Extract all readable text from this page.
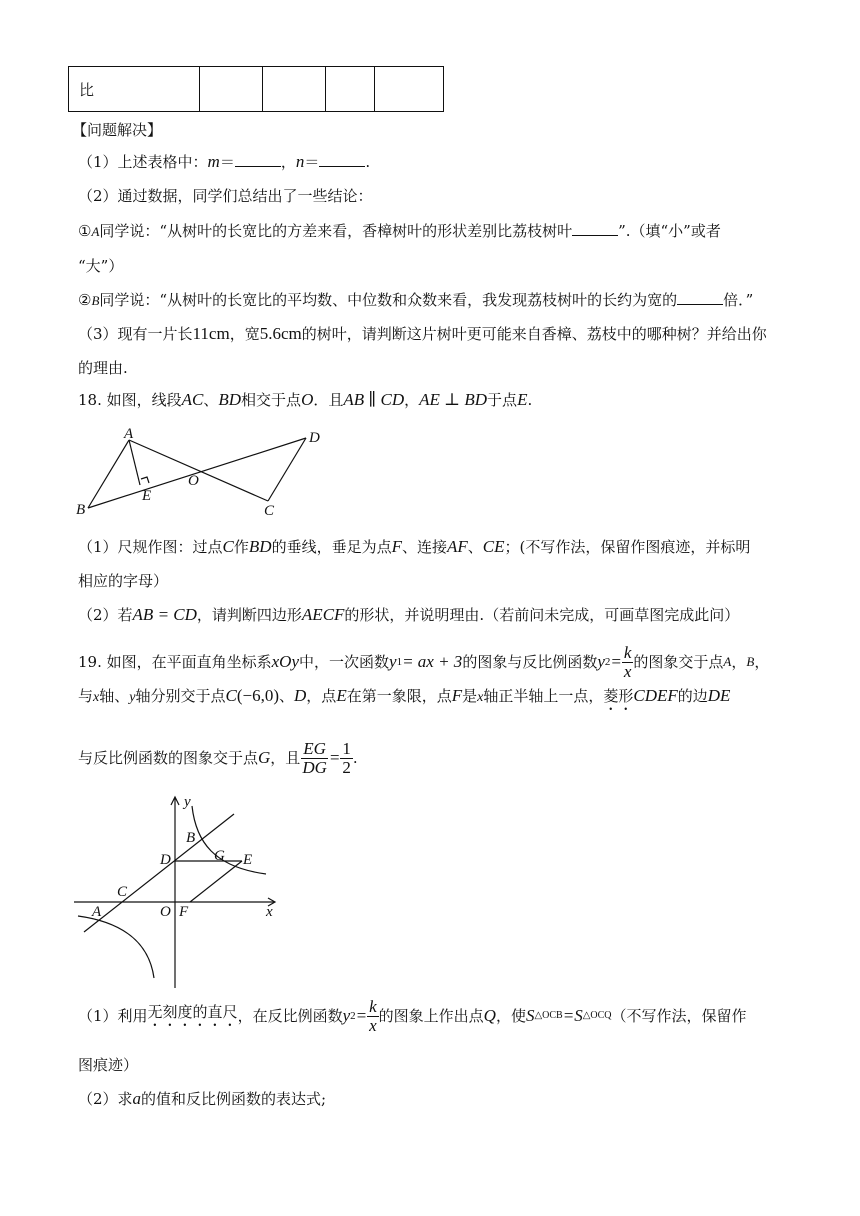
比				
【问题解决】
（1）上述表格中：m＝	，n＝	.
（2）通过数据，同学们总结出了一些结论：
①A同学说：“从树叶的长宽比的方差来看，香樟树叶的形状差别比荔枝树叶	”.（填“小”或者
“大”）
②B同学说：“从树叶的长宽比的平均数、中位数和众数来看，我发现荔枝树叶的长约为宽的	倍．”
（3）现有一片长11cm，宽5.6cm的树叶，请判断这片树叶更可能来自香樟、荔枝中的哪种树？并给出你
的理由.
18. 如图，线段AC、BD相交于点O．且AB ∥ CD，AE ⊥ BD于点E.
A
B
E
O
D
C
（1）尺规作图：过点C作BD的垂线，垂足为点F、连接AF、CE；(不写作法，保留作图痕迹，并标明
相应的字母）
（2）若AB = CD，请判断四边形AECF的形状，并说明理由.（若前问未完成，可画草图完成此问）
19. 如图，在平面直角坐标系 xOy 中，一次函数 y 1 = ax + 3 的图象与反比例函数 y $2 = \frac{k}{x}$ 的图象交于点 A ， B ，
与x轴、y轴分别交于点C(−6,0)、D，点E在第一象限，点F是x轴正半轴上一点，菱形CDEF的边DE
与反比例函数的图象交于点 G ，且 $\frac{EG}{DG} = \frac{1}{2}$ .
y
x
B
D	G E
C
A	O F
（1）利用 无刻度的直尺 ，在反比例函数 y $2 = \frac{k}{x}$ 的图象上作出点 Q ，使 S △OCB = S △OCQ （不写作法，保留作
图痕迹）
（2）求a的值和反比例函数的表达式;
